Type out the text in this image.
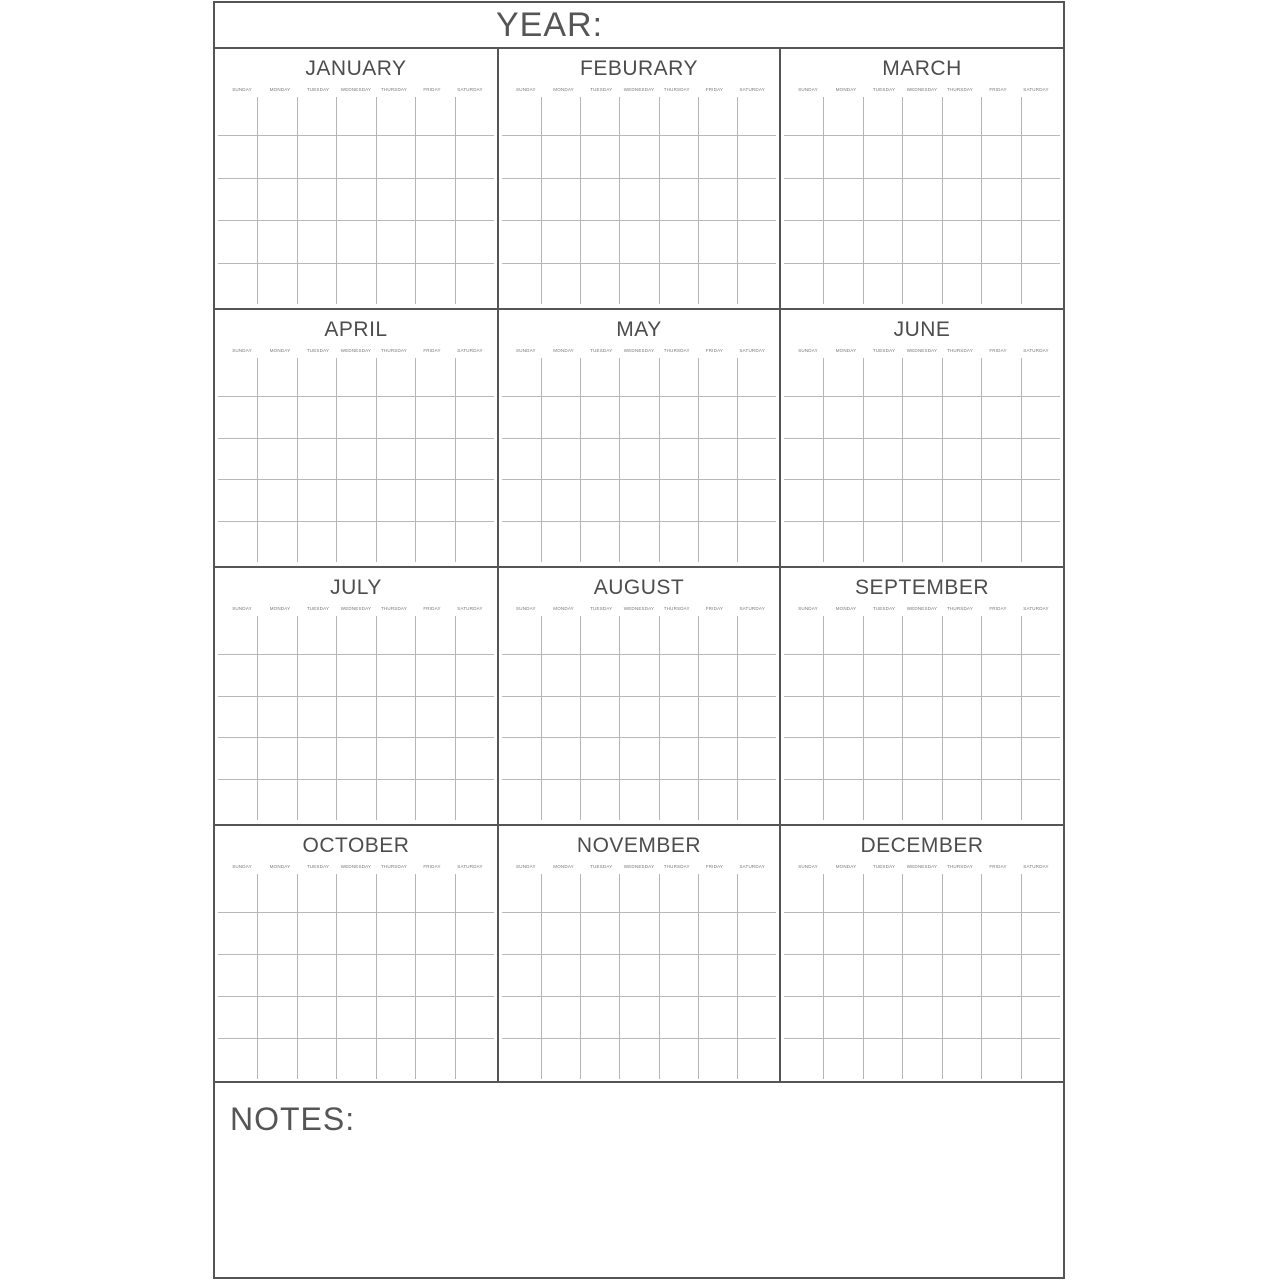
YEAR:
JANUARY
SUNDAY	MONDAY	TUESDAY	WEDNESDAY	THURSDAY	FRIDAY	SATURDAY
FEBURARY
SUNDAY	MONDAY	TUESDAY	WEDNESDAY	THURSDAY	FRIDAY	SATURDAY
MARCH
SUNDAY	MONDAY	TUESDAY	WEDNESDAY	THURSDAY	FRIDAY	SATURDAY
APRIL
SUNDAY	MONDAY	TUESDAY	WEDNESDAY	THURSDAY	FRIDAY	SATURDAY
MAY
SUNDAY	MONDAY	TUESDAY	WEDNESDAY	THURSDAY	FRIDAY	SATURDAY
JUNE
SUNDAY	MONDAY	TUESDAY	WEDNESDAY	THURSDAY	FRIDAY	SATURDAY
JULY
SUNDAY	MONDAY	TUESDAY	WEDNESDAY	THURSDAY	FRIDAY	SATURDAY
AUGUST
SUNDAY	MONDAY	TUESDAY	WEDNESDAY	THURSDAY	FRIDAY	SATURDAY
SEPTEMBER
SUNDAY	MONDAY	TUESDAY	WEDNESDAY	THURSDAY	FRIDAY	SATURDAY
OCTOBER
SUNDAY	MONDAY	TUESDAY	WEDNESDAY	THURSDAY	FRIDAY	SATURDAY
NOVEMBER
SUNDAY	MONDAY	TUESDAY	WEDNESDAY	THURSDAY	FRIDAY	SATURDAY
DECEMBER
SUNDAY	MONDAY	TUESDAY	WEDNESDAY	THURSDAY	FRIDAY	SATURDAY
NOTES:
